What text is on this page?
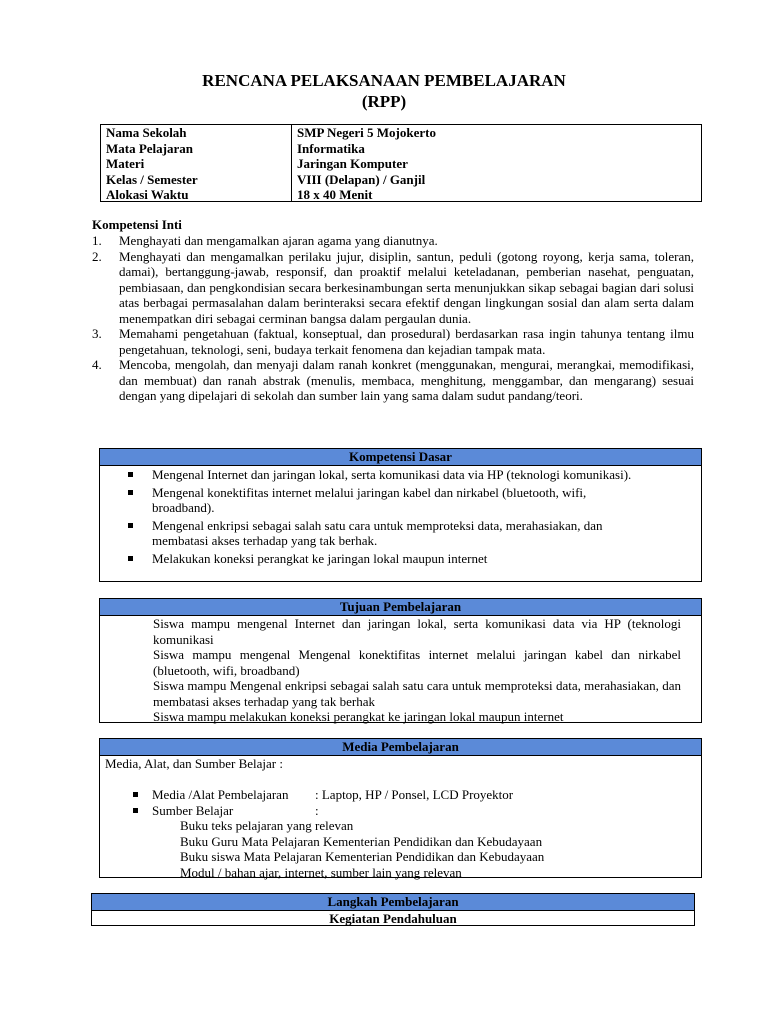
RENCANA PELAKSANAAN PEMBELAJARAN
(RPP)
Nama Sekolah
Mata Pelajaran
Materi
Kelas / Semester
Alokasi Waktu
SMP Negeri 5 Mojokerto
Informatika
Jaringan Komputer
VIII (Delapan) / Ganjil
18 x 40 Menit
Kompetensi Inti
1. Menghayati dan mengamalkan ajaran agama yang dianutnya.
2. Menghayati dan mengamalkan perilaku jujur, disiplin, santun, peduli (gotong royong, kerja sama, toleran, damai), bertanggung-jawab, responsif, dan proaktif melalui keteladanan, pemberian nasehat, penguatan, pembiasaan, dan pengkondisian secara berkesinambungan serta menunjukkan sikap sebagai bagian dari solusi atas berbagai permasalahan dalam berinteraksi secara efektif dengan lingkungan sosial dan alam serta dalam menempatkan diri sebagai cerminan bangsa dalam pergaulan dunia.
3. Memahami pengetahuan (faktual, konseptual, dan prosedural) berdasarkan rasa ingin tahunya tentang ilmu pengetahuan, teknologi, seni, budaya terkait fenomena dan kejadian tampak mata.
4. Mencoba, mengolah, dan menyaji dalam ranah konkret (menggunakan, mengurai, merangkai, memodifikasi, dan membuat) dan ranah abstrak (menulis, membaca, menghitung, menggambar, dan mengarang) sesuai dengan yang dipelajari di sekolah dan sumber lain yang sama dalam sudut pandang/teori.
Kompetensi Dasar
Mengenal Internet dan jaringan lokal, serta komunikasi data via HP (teknologi komunikasi).
Mengenal konektifitas internet melalui jaringan kabel dan nirkabel (bluetooth, wifi, broadband).
Mengenal enkripsi sebagai salah satu cara untuk memproteksi data, merahasiakan, dan membatasi akses terhadap yang tak berhak.
Melakukan koneksi perangkat ke jaringan lokal maupun internet
Tujuan Pembelajaran
Siswa mampu mengenal Internet dan jaringan lokal, serta komunikasi data via HP (teknologi komunikasi
Siswa mampu mengenal Mengenal konektifitas internet melalui jaringan kabel dan nirkabel (bluetooth, wifi, broadband)
Siswa mampu Mengenal enkripsi sebagai salah satu cara untuk memproteksi data, merahasiakan, dan membatasi akses terhadap yang tak berhak
Siswa mampu melakukan koneksi perangkat ke jaringan lokal maupun internet
Media Pembelajaran
Media, Alat, dan Sumber Belajar :
Media /Alat Pembelajaran : Laptop, HP / Ponsel, LCD Proyektor
Sumber Belajar	:
Buku teks pelajaran yang relevan
Buku Guru Mata Pelajaran Kementerian Pendidikan dan Kebudayaan
Buku siswa Mata Pelajaran Kementerian Pendidikan dan Kebudayaan
Modul / bahan ajar, internet, sumber lain yang relevan
Langkah Pembelajaran
Kegiatan Pendahuluan
